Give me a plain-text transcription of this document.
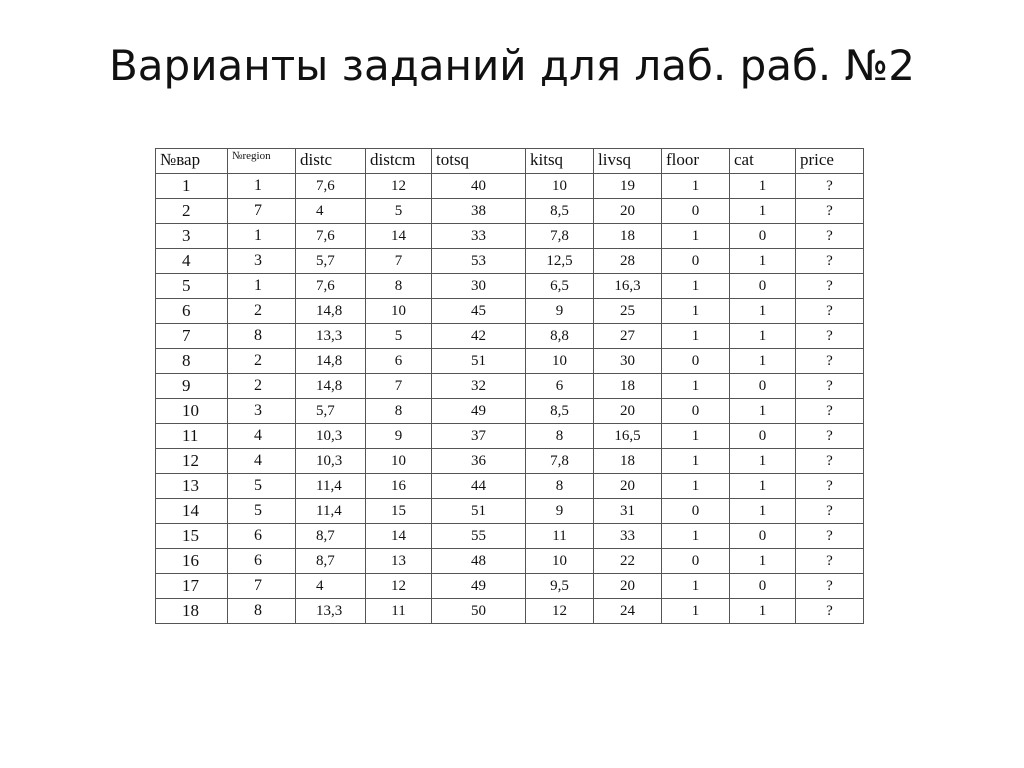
Варианты заданий для лаб. раб. №2
№вар	№region	distc	distcm	totsq	kitsq	livsq	floor	cat	price
1	1	7,6	12	40	10	19	1	1	?
2	7	4	5	38	8,5	20	0	1	?
3	1	7,6	14	33	7,8	18	1	0	?
4	3	5,7	7	53	12,5	28	0	1	?
5	1	7,6	8	30	6,5	16,3	1	0	?
6	2	14,8	10	45	9	25	1	1	?
7	8	13,3	5	42	8,8	27	1	1	?
8	2	14,8	6	51	10	30	0	1	?
9	2	14,8	7	32	6	18	1	0	?
10	3	5,7	8	49	8,5	20	0	1	?
11	4	10,3	9	37	8	16,5	1	0	?
12	4	10,3	10	36	7,8	18	1	1	?
13	5	11,4	16	44	8	20	1	1	?
14	5	11,4	15	51	9	31	0	1	?
15	6	8,7	14	55	11	33	1	0	?
16	6	8,7	13	48	10	22	0	1	?
17	7	4	12	49	9,5	20	1	0	?
18	8	13,3	11	50	12	24	1	1	?
